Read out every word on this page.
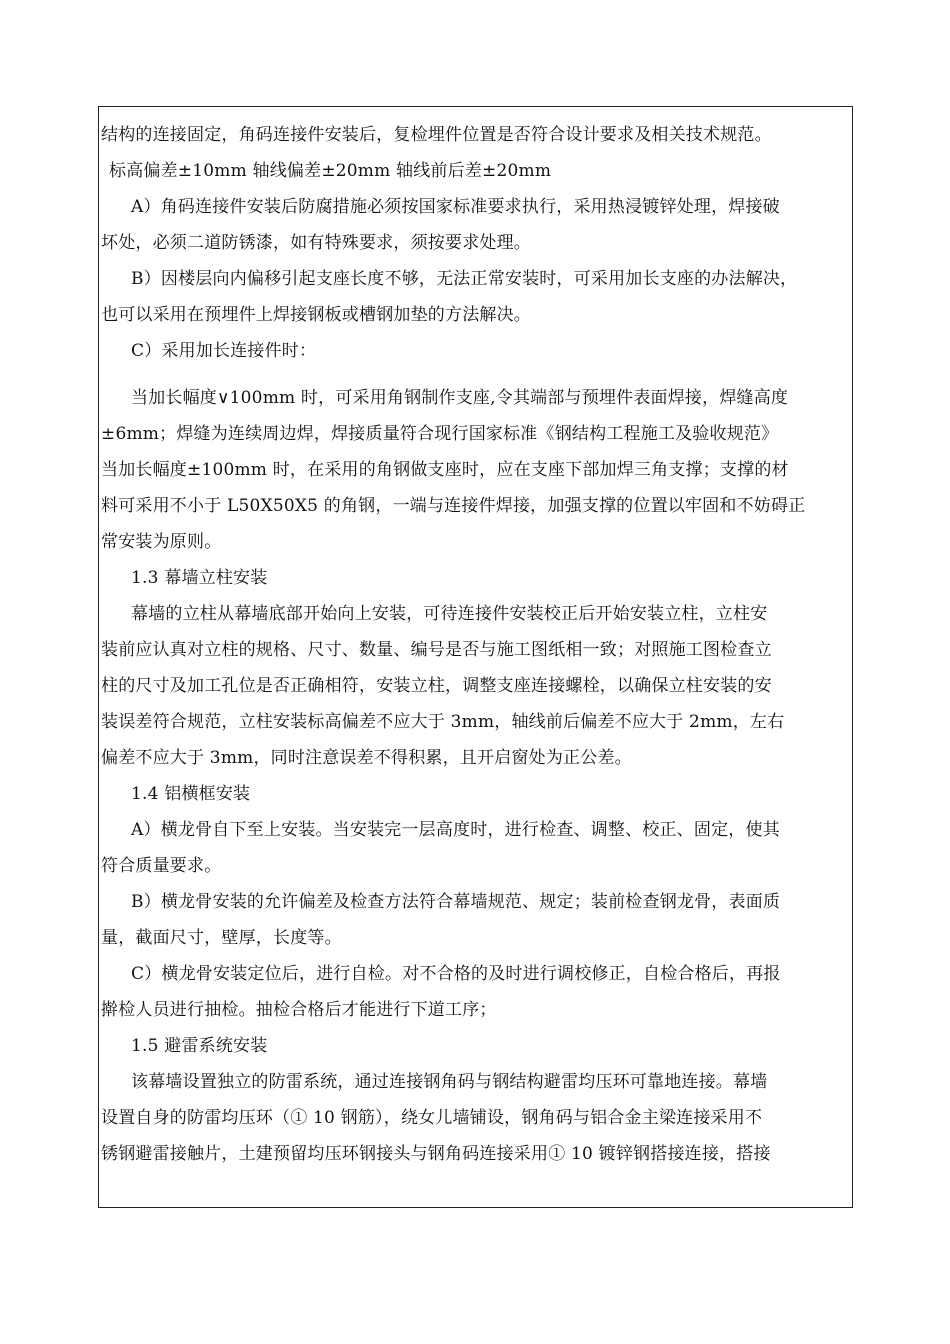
结构的连接固定，角码连接件安装后，复检埋件位置是否符合设计要求及相关技术规范。
标高偏差±10mm 轴线偏差±20mm 轴线前后差±20mm
A）角码连接件安装后防腐措施必须按国家标准要求执行，采用热浸镀锌处理，焊接破
坏处，必须二道防锈漆，如有特殊要求，须按要求处理。
B）因楼层向内偏移引起支座长度不够，无法正常安装时，可采用加长支座的办法解决，
也可以采用在预埋件上焊接钢板或槽钢加垫的方法解决。
C）采用加长连接件时：
当加长幅度∨100mm 时，可采用角钢制作支座,令其端部与预埋件表面焊接，焊缝高度
±6mm；焊缝为连续周边焊，焊接质量符合现行国家标准《钢结构工程施工及验收规范》
当加长幅度±100mm 时，在采用的角钢做支座时，应在支座下部加焊三角支撑；支撑的材
料可采用不小于 L50X50X5 的角钢，一端与连接件焊接，加强支撑的位置以牢固和不妨碍正
常安装为原则。
1.3 幕墙立柱安装
幕墙的立柱从幕墙底部开始向上安装，可待连接件安装校正后开始安装立柱，立柱安
装前应认真对立柱的规格、尺寸、数量、编号是否与施工图纸相一致；对照施工图检查立
柱的尺寸及加工孔位是否正确相符，安装立柱，调整支座连接螺栓，以确保立柱安装的安
装误差符合规范，立柱安装标高偏差不应大于 3mm，轴线前后偏差不应大于 2mm，左右
偏差不应大于 3mm，同时注意误差不得积累，且开启窗处为正公差。
1.4 铝横框安装
A）横龙骨自下至上安装。当安装完一层高度时，进行检查、调整、校正、固定，使其
符合质量要求。
B）横龙骨安装的允许偏差及检查方法符合幕墙规范、规定；装前检查钢龙骨，表面质
量，截面尺寸，壁厚，长度等。
C）横龙骨安装定位后，进行自检。对不合格的及时进行调校修正，自检合格后，再报
擀检人员进行抽检。抽检合格后才能进行下道工序；
1.5 避雷系统安装
该幕墙设置独立的防雷系统，通过连接钢角码与钢结构避雷均压环可靠地连接。幕墙
设置自身的防雷均压环（① 10 钢筋），绕女儿墙铺设，钢角码与铝合金主梁连接采用不
锈钢避雷接触片，土建预留均压环钢接头与钢角码连接采用① 10 镀锌钢搭接连接，搭接
